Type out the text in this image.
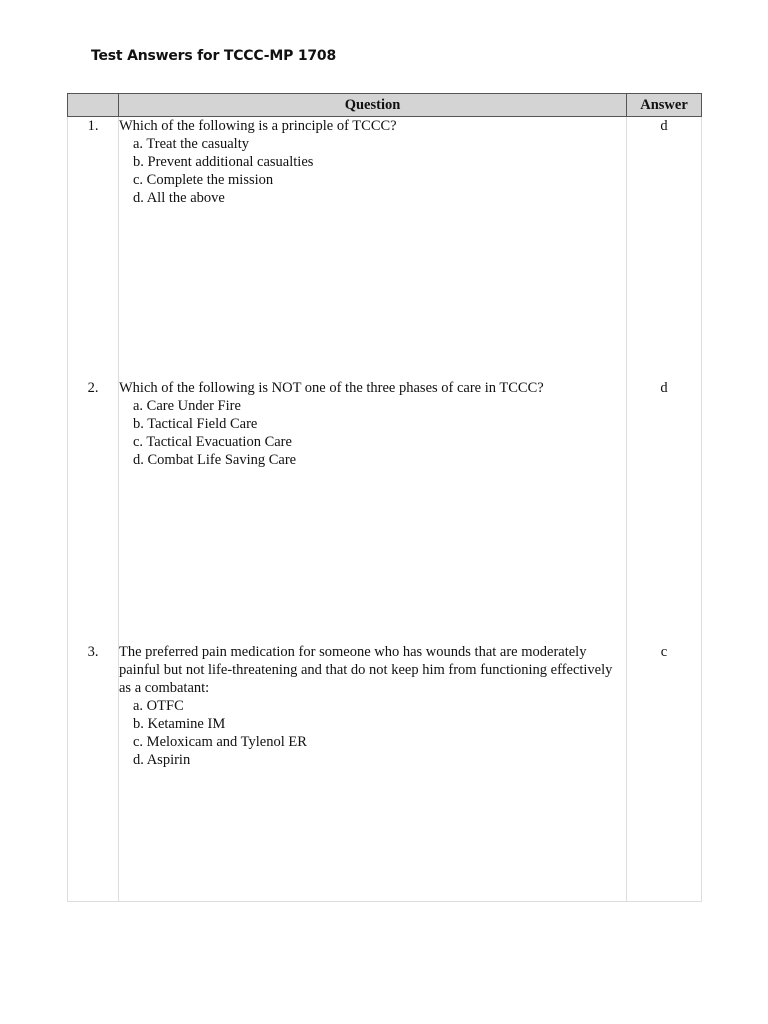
Test Answers for TCCC-MP 1708
	Question	Answer
1.	Which of the following is a principle of TCCC?
a. Treat the casualty
b. Prevent additional casualties
c. Complete the mission
d. All the above	d
2.	Which of the following is NOT one of the three phases of care in TCCC?
a. Care Under Fire
b. Tactical Field Care
c. Tactical Evacuation Care
d. Combat Life Saving Care	d
3.	The preferred pain medication for someone who has wounds that are moderately painful but not life-threatening and that do not keep him from functioning effectively as a combatant:
a. OTFC
b. Ketamine IM
c. Meloxicam and Tylenol ER
d. Aspirin	c
